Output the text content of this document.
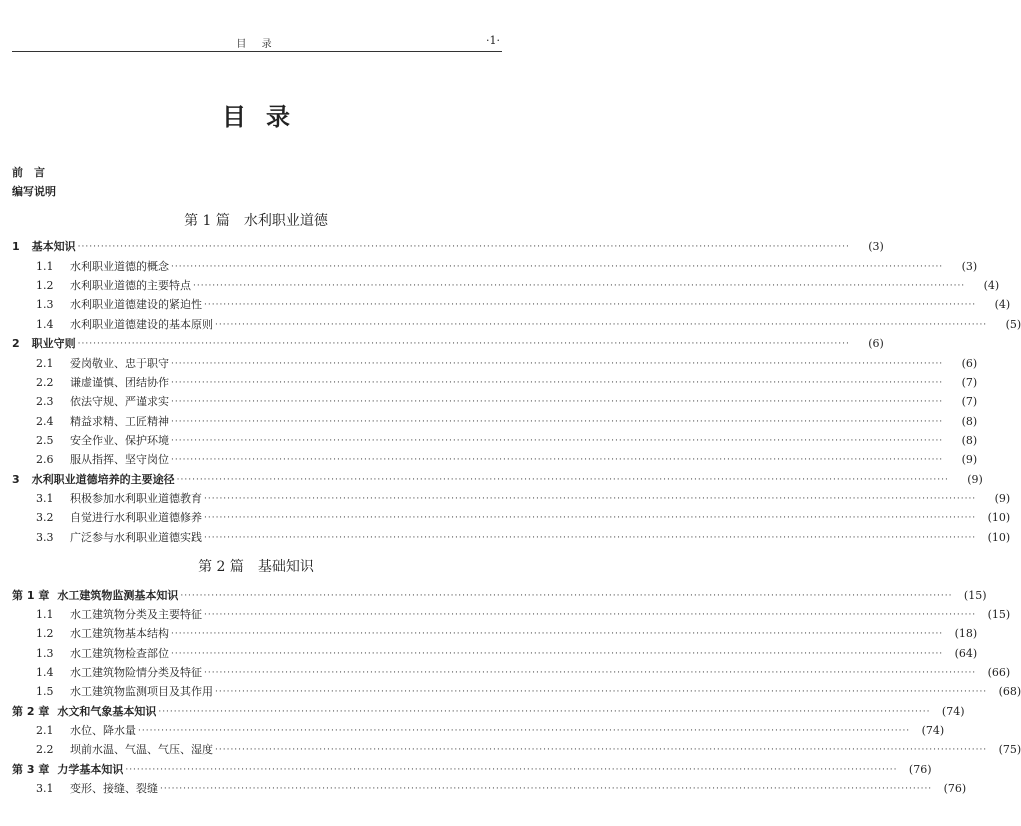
目 录	·1·
目录
前　言
编写说明
第 1 篇　水利职业道德
第 2 篇　基础知识
1 基本知识 ········································································································································································································	(3)
1.1	水利职业道德的概念 ········································································································································································································	(3)
1.2	水利职业道德的主要特点 ········································································································································································································	(4)
1.3	水利职业道德建设的紧迫性 ········································································································································································································	(4)
1.4	水利职业道德建设的基本原则 ········································································································································································································	(5)
2 职业守则 ········································································································································································································	(6)
2.1	爱岗敬业、忠于职守 ········································································································································································································	(6)
2.2	谦虚谨慎、团结协作 ········································································································································································································	(7)
2.3	依法守规、严谨求实 ········································································································································································································	(7)
2.4	精益求精、工匠精神 ········································································································································································································	(8)
2.5	安全作业、保护环境 ········································································································································································································	(8)
2.6	服从指挥、坚守岗位 ········································································································································································································	(9)
3 水利职业道德培养的主要途径 ········································································································································································································	(9)
3.1	积极参加水利职业道德教育 ········································································································································································································	(9)
3.2	自觉进行水利职业道德修养 ········································································································································································································	(10)
3.3	广泛参与水利职业道德实践 ········································································································································································································	(10)
第 1 章 水工建筑物监测基本知识 ········································································································································································································	(15)
1.1	水工建筑物分类及主要特征 ········································································································································································································	(15)
1.2	水工建筑物基本结构 ········································································································································································································	(18)
1.3	水工建筑物检查部位 ········································································································································································································	(64)
1.4	水工建筑物险情分类及特征 ········································································································································································································	(66)
1.5	水工建筑物监测项目及其作用 ········································································································································································································	(68)
第 2 章 水文和气象基本知识 ········································································································································································································	(74)
2.1	水位、降水量 ········································································································································································································	(74)
2.2	坝前水温、气温、气压、湿度 ········································································································································································································	(75)
第 3 章 力学基本知识 ········································································································································································································	(76)
3.1	变形、接缝、裂缝 ········································································································································································································	(76)
